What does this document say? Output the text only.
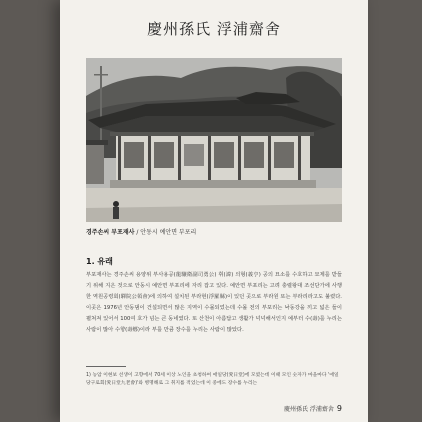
慶州孫氏 浮浦齋舍
경주손씨 부포재사 / 안동시 예안면 부포리
1. 유래
부포재사는 경주손씨 용양위 부사용공(龍驤衛副司勇公) 휘(諱) 의형(義亨) 공의 묘소를 수호하고 묘제를 받들기 위해 지은 것으로 안동시 예안면 부포리에 자리 잡고 있다. 예안면 부포리는 고려 충렬왕대 조선단가에 사행한 역원공령회(驛院公領會)에 의하여 설치된 부라현(浮羅縣)이 있던 곳으로 부라원 또는 부라리라고도 불렸다. 이곳은 1976년 안동댐이 건설되면서 많은 지역이 수몰되었는데 수몰 전의 부포리는 낙동강을 끼고 넓은 들이 펼쳐져 있어서 100여 호가 넘는 큰 동네였다. 또 산천이 아름답고 생활가 넉넉해서인지 예부터 수(壽)를 누리는 사람이 많아 수향(壽鄕)이라 부를 만큼 장수를 누리는 사람이 많았다.
1) 농암 이현보 선생이 고향에서 70세 이상 노인을 초청하여 애일당(愛日堂)에 모였는데 이때 모인 숫자가 마을마다 '애일당구로회(愛日堂九老會)'와 병명해로 그 취지를 적었는데 이 중에도 장수를 누리는
慶州孫氏 浮浦齋舍 9
